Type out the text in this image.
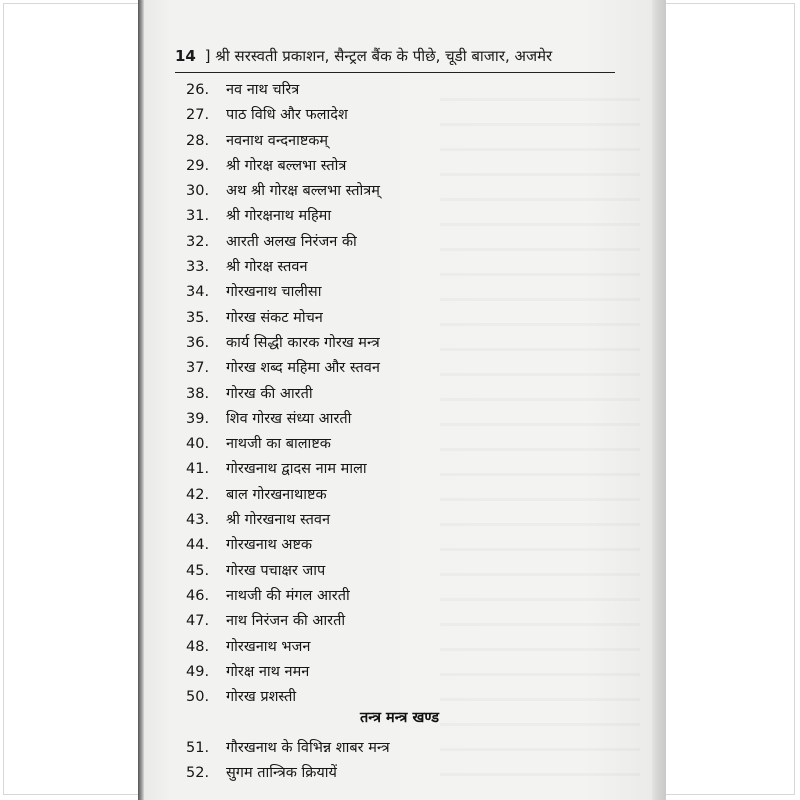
14 ] श्री सरस्वती प्रकाशन, सैन्ट्रल बैंक के पीछे, चूडी बाजार, अजमेर
26. नव नाथ चरित्र
27. पाठ विधि और फलादेश
28. नवनाथ वन्दनाष्टकम्
29. श्री गोरक्ष बल्लभा स्तोत्र
30. अथ श्री गोरक्ष बल्लभा स्तोत्रम्
31. श्री गोरक्षनाथ महिमा
32. आरती अलख निरंजन की
33. श्री गोरक्ष स्तवन
34. गोरखनाथ चालीसा
35. गोरख संकट मोचन
36. कार्य सिद्धी कारक गोरख मन्त्र
37. गोरख शब्द महिमा और स्तवन
38. गोरख की आरती
39. शिव गोरख संध्या आरती
40. नाथजी का बालाष्टक
41. गोरखनाथ द्वादस नाम माला
42. बाल गोरखनाथाष्टक
43. श्री गोरखनाथ स्तवन
44. गोरखनाथ अष्टक
45. गोरख पचाक्षर जाप
46. नाथजी की मंगल आरती
47. नाथ निरंजन की आरती
48. गोरखनाथ भजन
49. गोरक्ष नाथ नमन
50. गोरख प्रशस्ती
तन्त्र मन्त्र खण्ड
51. गौरखनाथ के विभिन्न शाबर मन्त्र
52. सुगम तान्त्रिक क्रियायें
